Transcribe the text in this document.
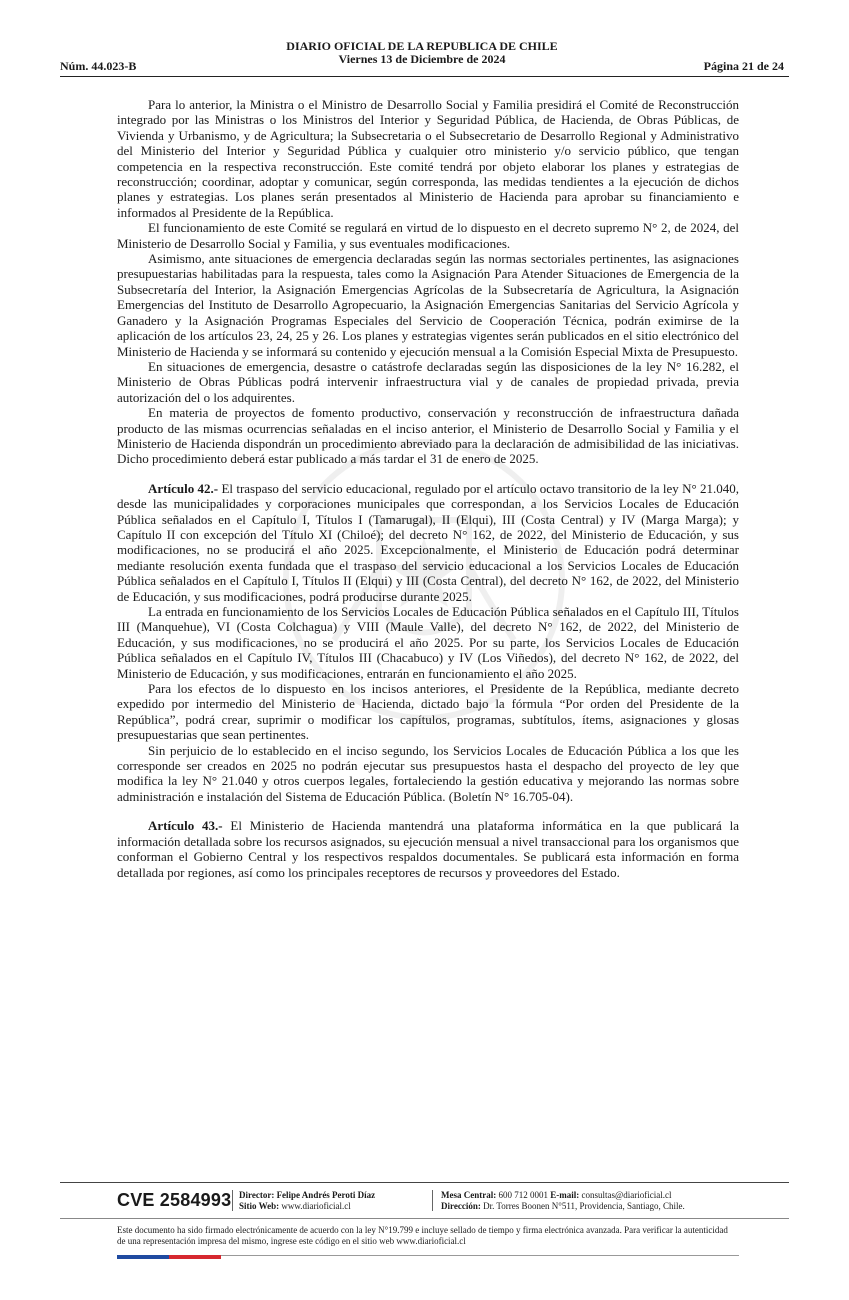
Núm. 44.023-B
DIARIO OFICIAL DE LA REPUBLICA DE CHILE
Viernes 13 de Diciembre de 2024	Página 21 de 24

Para lo anterior, la Ministra o el Ministro de Desarrollo Social y Familia presidirá el Comité de Reconstrucción integrado por las Ministras o los Ministros del Interior y Seguridad Pública, de Hacienda, de Obras Públicas, de Vivienda y Urbanismo, y de Agricultura; la Subsecretaria o el Subsecretario de Desarrollo Regional y Administrativo del Ministerio del Interior y Seguridad Pública y cualquier otro ministerio y/o servicio público, que tengan competencia en la respectiva reconstrucción. Este comité tendrá por objeto elaborar los planes y estrategias de reconstrucción; coordinar, adoptar y comunicar, según corresponda, las medidas tendientes a la ejecución de dichos planes y estrategias. Los planes serán presentados al Ministerio de Hacienda para aprobar su financiamiento e informados al Presidente de la República.

El funcionamiento de este Comité se regulará en virtud de lo dispuesto en el decreto supremo N° 2, de 2024, del Ministerio de Desarrollo Social y Familia, y sus eventuales modificaciones.

Asimismo, ante situaciones de emergencia declaradas según las normas sectoriales pertinentes, las asignaciones presupuestarias habilitadas para la respuesta, tales como la Asignación Para Atender Situaciones de Emergencia de la Subsecretaría del Interior, la Asignación Emergencias Agrícolas de la Subsecretaría de Agricultura, la Asignación Emergencias del Instituto de Desarrollo Agropecuario, la Asignación Emergencias Sanitarias del Servicio Agrícola y Ganadero y la Asignación Programas Especiales del Servicio de Cooperación Técnica, podrán eximirse de la aplicación de los artículos 23, 24, 25 y 26. Los planes y estrategias vigentes serán publicados en el sitio electrónico del Ministerio de Hacienda y se informará su contenido y ejecución mensual a la Comisión Especial Mixta de Presupuesto.

En situaciones de emergencia, desastre o catástrofe declaradas según las disposiciones de la ley N° 16.282, el Ministerio de Obras Públicas podrá intervenir infraestructura vial y de canales de propiedad privada, previa autorización del o los adquirentes.

En materia de proyectos de fomento productivo, conservación y reconstrucción de infraestructura dañada producto de las mismas ocurrencias señaladas en el inciso anterior, el Ministerio de Desarrollo Social y Familia y el Ministerio de Hacienda dispondrán un procedimiento abreviado para la declaración de admisibilidad de las iniciativas. Dicho procedimiento deberá estar publicado a más tardar el 31 de enero de 2025.

Artículo 42.- El traspaso del servicio educacional, regulado por el artículo octavo transitorio de la ley N° 21.040, desde las municipalidades y corporaciones municipales que correspondan, a los Servicios Locales de Educación Pública señalados en el Capítulo I, Títulos I (Tamarugal), II (Elqui), III (Costa Central) y IV (Marga Marga); y Capítulo II con excepción del Título XI (Chiloé); del decreto N° 162, de 2022, del Ministerio de Educación, y sus modificaciones, no se producirá el año 2025. Excepcionalmente, el Ministerio de Educación podrá determinar mediante resolución exenta fundada que el traspaso del servicio educacional a los Servicios Locales de Educación Pública señalados en el Capítulo I, Títulos II (Elqui) y III (Costa Central), del decreto N° 162, de 2022, del Ministerio de Educación, y sus modificaciones, podrá producirse durante 2025.

La entrada en funcionamiento de los Servicios Locales de Educación Pública señalados en el Capítulo III, Títulos III (Manquehue), VI (Costa Colchagua) y VIII (Maule Valle), del decreto N° 162, de 2022, del Ministerio de Educación, y sus modificaciones, no se producirá el año 2025. Por su parte, los Servicios Locales de Educación Pública señalados en el Capítulo IV, Títulos III (Chacabuco) y IV (Los Viñedos), del decreto N° 162, de 2022, del Ministerio de Educación, y sus modificaciones, entrarán en funcionamiento el año 2025.

Para los efectos de lo dispuesto en los incisos anteriores, el Presidente de la República, mediante decreto expedido por intermedio del Ministerio de Hacienda, dictado bajo la fórmula “Por orden del Presidente de la República”, podrá crear, suprimir o modificar los capítulos, programas, subtítulos, ítems, asignaciones y glosas presupuestarias que sean pertinentes.

Sin perjuicio de lo establecido en el inciso segundo, los Servicios Locales de Educación Pública a los que les corresponde ser creados en 2025 no podrán ejecutar sus presupuestos hasta el despacho del proyecto de ley que modifica la ley N° 21.040 y otros cuerpos legales, fortaleciendo la gestión educativa y mejorando las normas sobre administración e instalación del Sistema de Educación Pública. (Boletín N° 16.705-04).

Artículo 43.- El Ministerio de Hacienda mantendrá una plataforma informática en la que publicará la información detallada sobre los recursos asignados, su ejecución mensual a nivel transaccional para los organismos que conforman el Gobierno Central y los respectivos respaldos documentales. Se publicará esta información en forma detallada por regiones, así como los principales receptores de recursos y proveedores del Estado.

CVE 2584993 Director: Felipe Andrés Peroti Díaz
Sitio Web: www.diarioficial.cl
Mesa Central: 600 712 0001 E-mail: consultas@diarioficial.cl
Dirección: Dr. Torres Boonen N°511, Providencia, Santiago, Chile.
Este documento ha sido firmado electrónicamente de acuerdo con la ley N°19.799 e incluye sellado de tiempo y firma electrónica avanzada. Para verificar la autenticidad de una representación impresa del mismo, ingrese este código en el sitio web www.diarioficial.cl
